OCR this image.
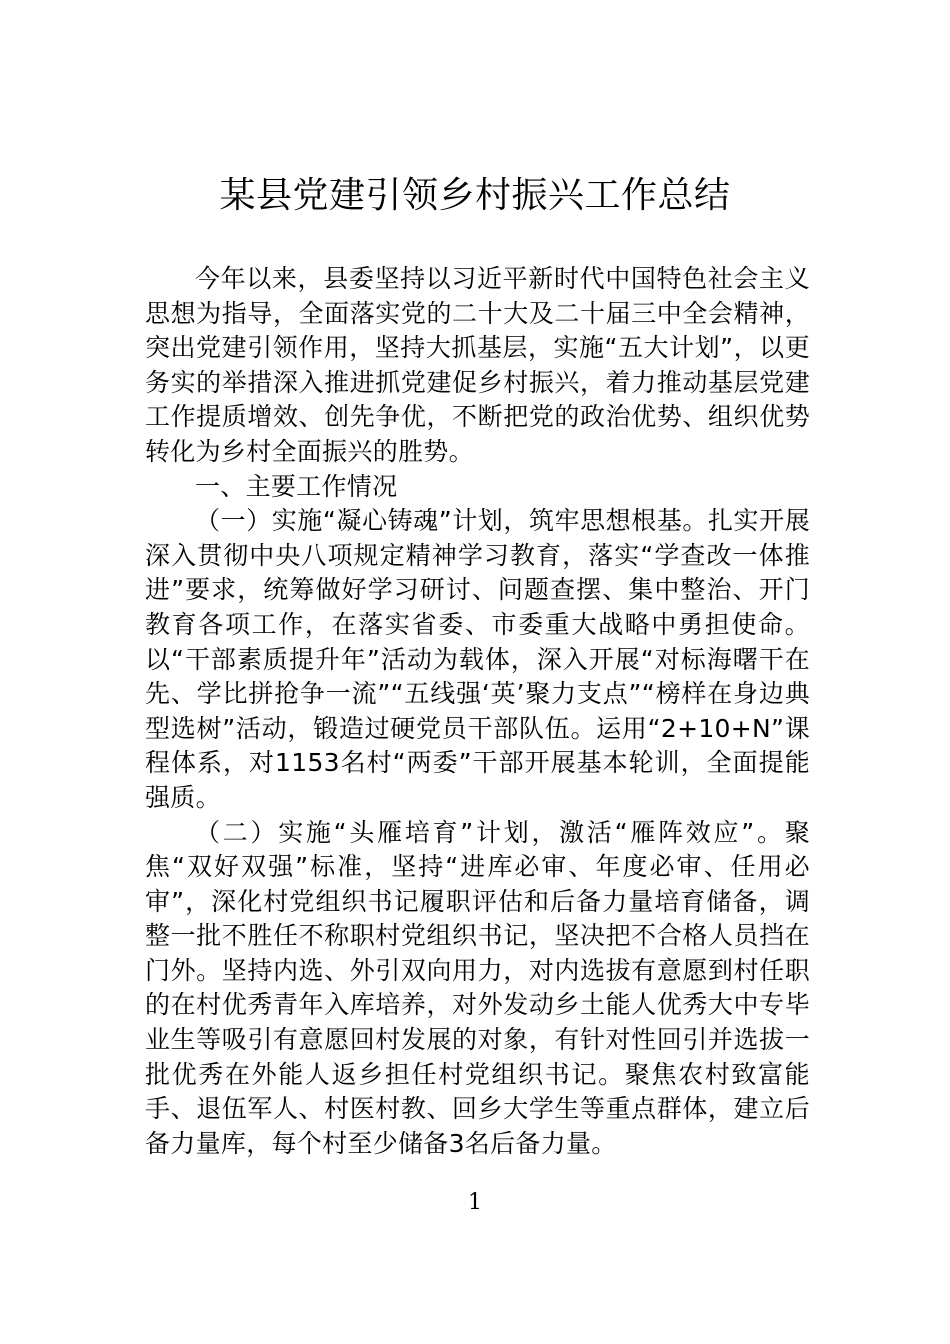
某县党建引领乡村振兴工作总结

今年以来，县委坚持以习近平新时代中国特色社会主义思想为指导，全面落实党的二十大及二十届三中全会精神，突出党建引领作用，坚持大抓基层，实施“五大计划”，以更务实的举措深入推进抓党建促乡村振兴，着力推动基层党建工作提质增效、创先争优，不断把党的政治优势、组织优势转化为乡村全面振兴的胜势。

一、主要工作情况

（一）实施“凝心铸魂”计划，筑牢思想根基。扎实开展深入贯彻中央八项规定精神学习教育，落实“学查改一体推进”要求，统筹做好学习研讨、问题查摆、集中整治、开门教育各项工作，在落实省委、市委重大战略中勇担使命。以“干部素质提升年”活动为载体，深入开展“对标海曙干在先、学比拼抢争一流”“五线强‘英’聚力支点”“榜样在身边典型选树”活动，锻造过硬党员干部队伍。运用“2+10+N”课程体系，对1153名村“两委”干部开展基本轮训，全面提能强质。

（二）实施“头雁培育”计划，激活“雁阵效应”。聚焦“双好双强”标准，坚持“进库必审、年度必审、任用必审”，深化村党组织书记履职评估和后备力量培育储备，调整一批不胜任不称职村党组织书记，坚决把不合格人员挡在门外。坚持内选、外引双向用力，对内选拔有意愿到村任职的在村优秀青年入库培养，对外发动乡土能人优秀大中专毕业生等吸引有意愿回村发展的对象，有针对性回引并选拔一批优秀在外能人返乡担任村党组织书记。聚焦农村致富能手、退伍军人、村医村教、回乡大学生等重点群体，建立后备力量库，每个村至少储备3名后备力量。

1
